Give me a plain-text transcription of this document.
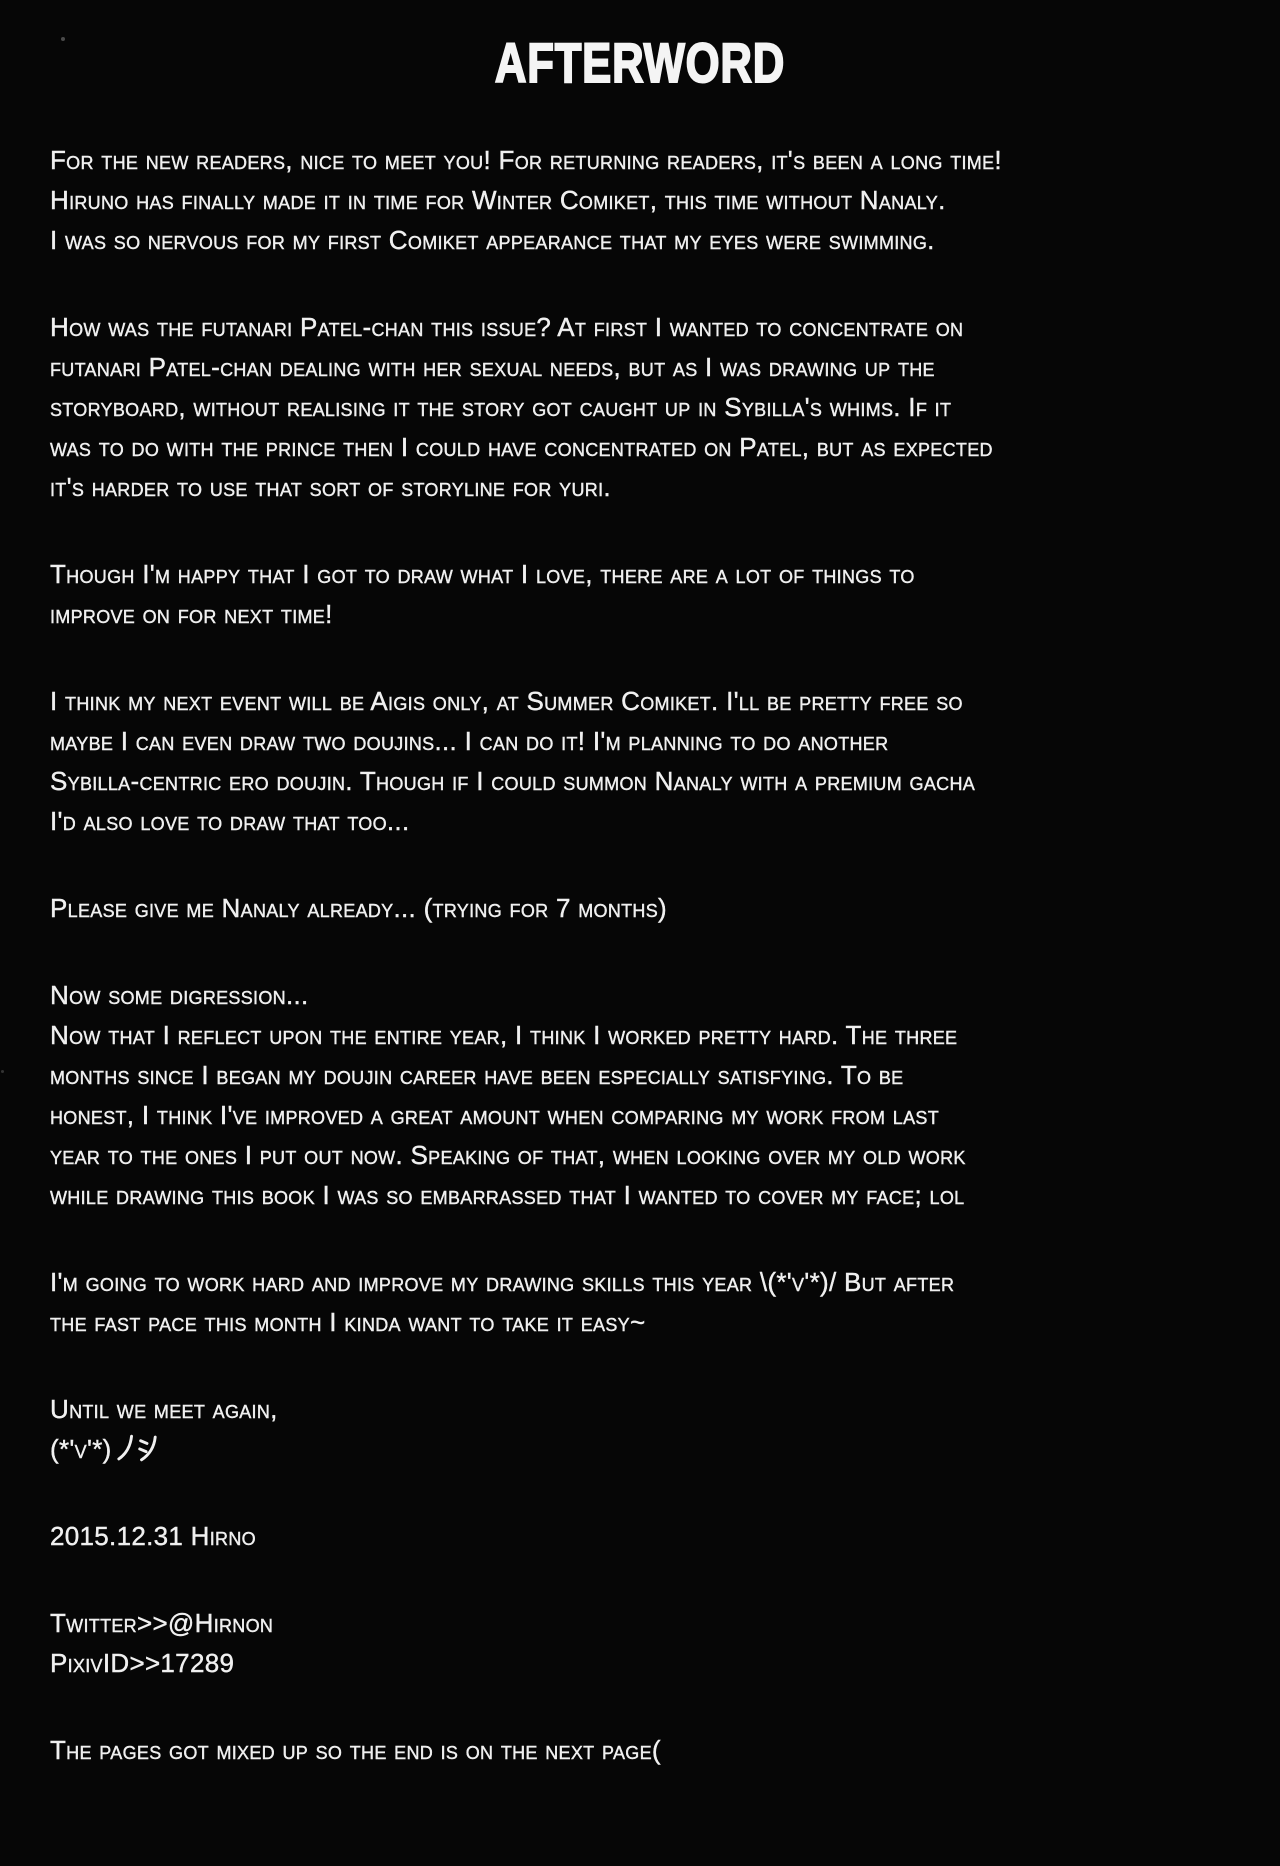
AFTERWORD
For the new readers, nice to meet you! For returning readers, it's been a long time!
Hiruno has finally made it in time for Winter Comiket, this time without Nanaly.
I was so nervous for my first Comiket appearance that my eyes were swimming.
How was the futanari Patel-chan this issue? At first I wanted to concentrate on
futanari Patel-chan dealing with her sexual needs, but as I was drawing up the
storyboard, without realising it the story got caught up in Sybilla's whims. If it
was to do with the prince then I could have concentrated on Patel, but as expected
it's harder to use that sort of storyline for yuri.
Though I'm happy that I got to draw what I love, there are a lot of things to
improve on for next time!
I think my next event will be Aigis only, at Summer Comiket. I'll be pretty free so
maybe I can even draw two doujins... I can do it! I'm planning to do another
Sybilla-centric ero doujin. Though if I could summon Nanaly with a premium gacha
I'd also love to draw that too...
Please give me Nanaly already... (trying for 7 months)
Now some digression...
Now that I reflect upon the entire year, I think I worked pretty hard. The three
months since I began my doujin career have been especially satisfying. To be
honest, I think I've improved a great amount when comparing my work from last
year to the ones I put out now. Speaking of that, when looking over my old work
while drawing this book I was so embarrassed that I wanted to cover my face; lol
I'm going to work hard and improve my drawing skills this year \(*'v'*)/ But after
the fast pace this month I kinda want to take it easy~
Until we meet again,
(*'v'*)
2015.12.31 Hirno
Twitter>>@Hirnon
PixivID>>17289
The pages got mixed up so the end is on the next page(
